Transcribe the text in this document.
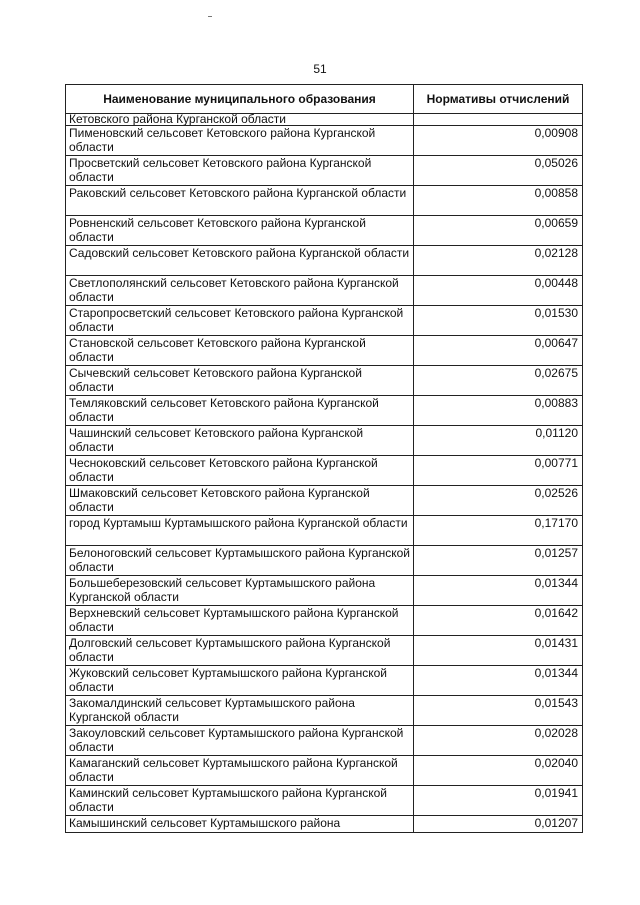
51
Наименование муниципального образования	Нормативы отчислений
Кетовского района Курганской области	
Пименовский сельсовет Кетовского района Курганской области	0,00908
Просветский сельсовет Кетовского района Курганской области	0,05026
Раковский сельсовет Кетовского района Курганской области	0,00858
Ровненский сельсовет Кетовского района Курганской области	0,00659
Садовский сельсовет Кетовского района Курганской области	0,02128
Светлополянский сельсовет Кетовского района Курганской области	0,00448
Старопросветский сельсовет Кетовского района Курганской области	0,01530
Становской сельсовет Кетовского района Курганской области	0,00647
Сычевский сельсовет Кетовского района Курганской области	0,02675
Темляковский сельсовет Кетовского района Курганской области	0,00883
Чашинский сельсовет Кетовского района Курганской области	0,01120
Чесноковский сельсовет Кетовского района Курганской области	0,00771
Шмаковский сельсовет Кетовского района Курганской области	0,02526
город Куртамыш Куртамышского района Курганской области	0,17170
Белоноговский сельсовет Куртамышского района Курганской области	0,01257
Большеберезовский сельсовет Куртамышского района Курганской области	0,01344
Верхневский сельсовет Куртамышского района Курганской области	0,01642
Долговский сельсовет Куртамышского района Курганской области	0,01431
Жуковский сельсовет Куртамышского района Курганской области	0,01344
Закомалдинский сельсовет Куртамышского района Курганской области	0,01543
Закоуловский сельсовет Куртамышского района Курганской области	0,02028
Камаганский сельсовет Куртамышского района Курганской области	0,02040
Каминский сельсовет Куртамышского района Курганской области	0,01941
Камышинский сельсовет Куртамышского района	0,01207
